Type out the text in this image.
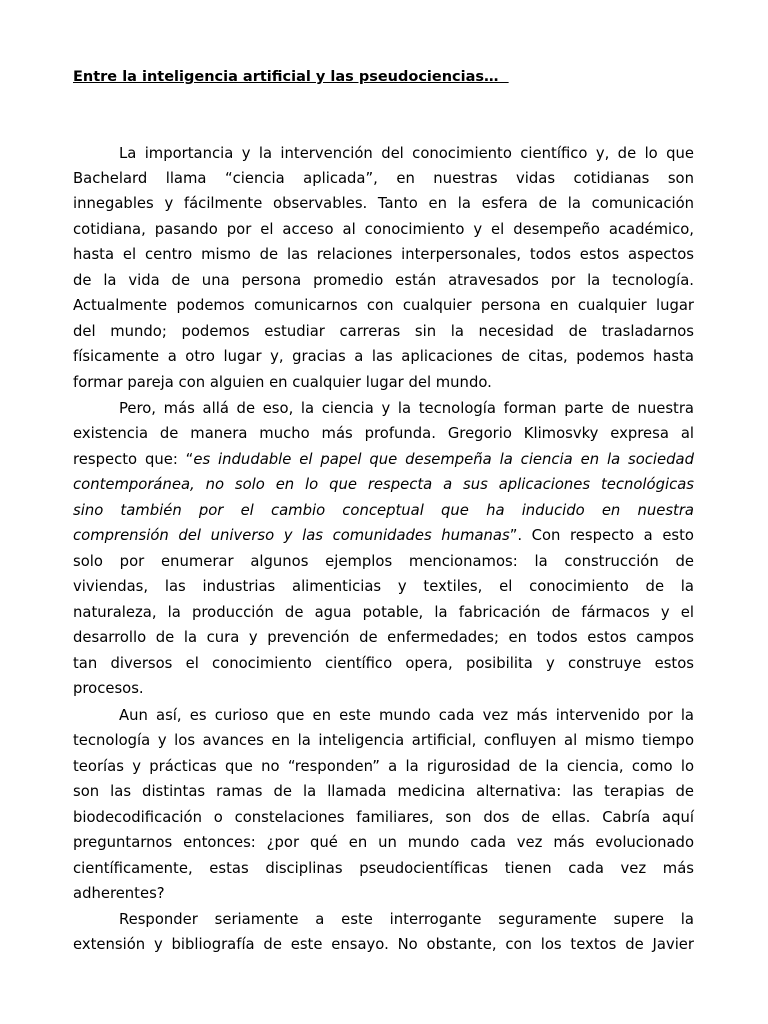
Entre la inteligencia artificial y las pseudociencias…
La importancia y la intervención del conocimiento científico y, de lo que
Bachelard llama “ciencia aplicada”, en nuestras vidas cotidianas son
innegables y fácilmente observables. Tanto en la esfera de la comunicación
cotidiana, pasando por el acceso al conocimiento y el desempeño académico,
hasta el centro mismo de las relaciones interpersonales, todos estos aspectos
de la vida de una persona promedio están atravesados por la tecnología.
Actualmente podemos comunicarnos con cualquier persona en cualquier lugar
del mundo; podemos estudiar carreras sin la necesidad de trasladarnos
físicamente a otro lugar y, gracias a las aplicaciones de citas, podemos hasta
formar pareja con alguien en cualquier lugar del mundo.
Pero, más allá de eso, la ciencia y la tecnología forman parte de nuestra
existencia de manera mucho más profunda. Gregorio Klimosvky expresa al
respecto que: “es indudable el papel que desempeña la ciencia en la sociedad
contemporánea, no solo en lo que respecta a sus aplicaciones tecnológicas
sino también por el cambio conceptual que ha inducido en nuestra
comprensión del universo y las comunidades humanas”. Con respecto a esto
solo por enumerar algunos ejemplos mencionamos: la construcción de
viviendas, las industrias alimenticias y textiles, el conocimiento de la
naturaleza, la producción de agua potable, la fabricación de fármacos y el
desarrollo de la cura y prevención de enfermedades; en todos estos campos
tan diversos el conocimiento científico opera, posibilita y construye estos
procesos.
Aun así, es curioso que en este mundo cada vez más intervenido por la
tecnología y los avances en la inteligencia artificial, confluyen al mismo tiempo
teorías y prácticas que no “responden” a la rigurosidad de la ciencia, como lo
son las distintas ramas de la llamada medicina alternativa: las terapias de
biodecodificación o constelaciones familiares, son dos de ellas. Cabría aquí
preguntarnos entonces: ¿por qué en un mundo cada vez más evolucionado
científicamente, estas disciplinas pseudocientíficas tienen cada vez más
adherentes?
Responder seriamente a este interrogante seguramente supere la
extensión y bibliografía de este ensayo. No obstante, con los textos de Javier
